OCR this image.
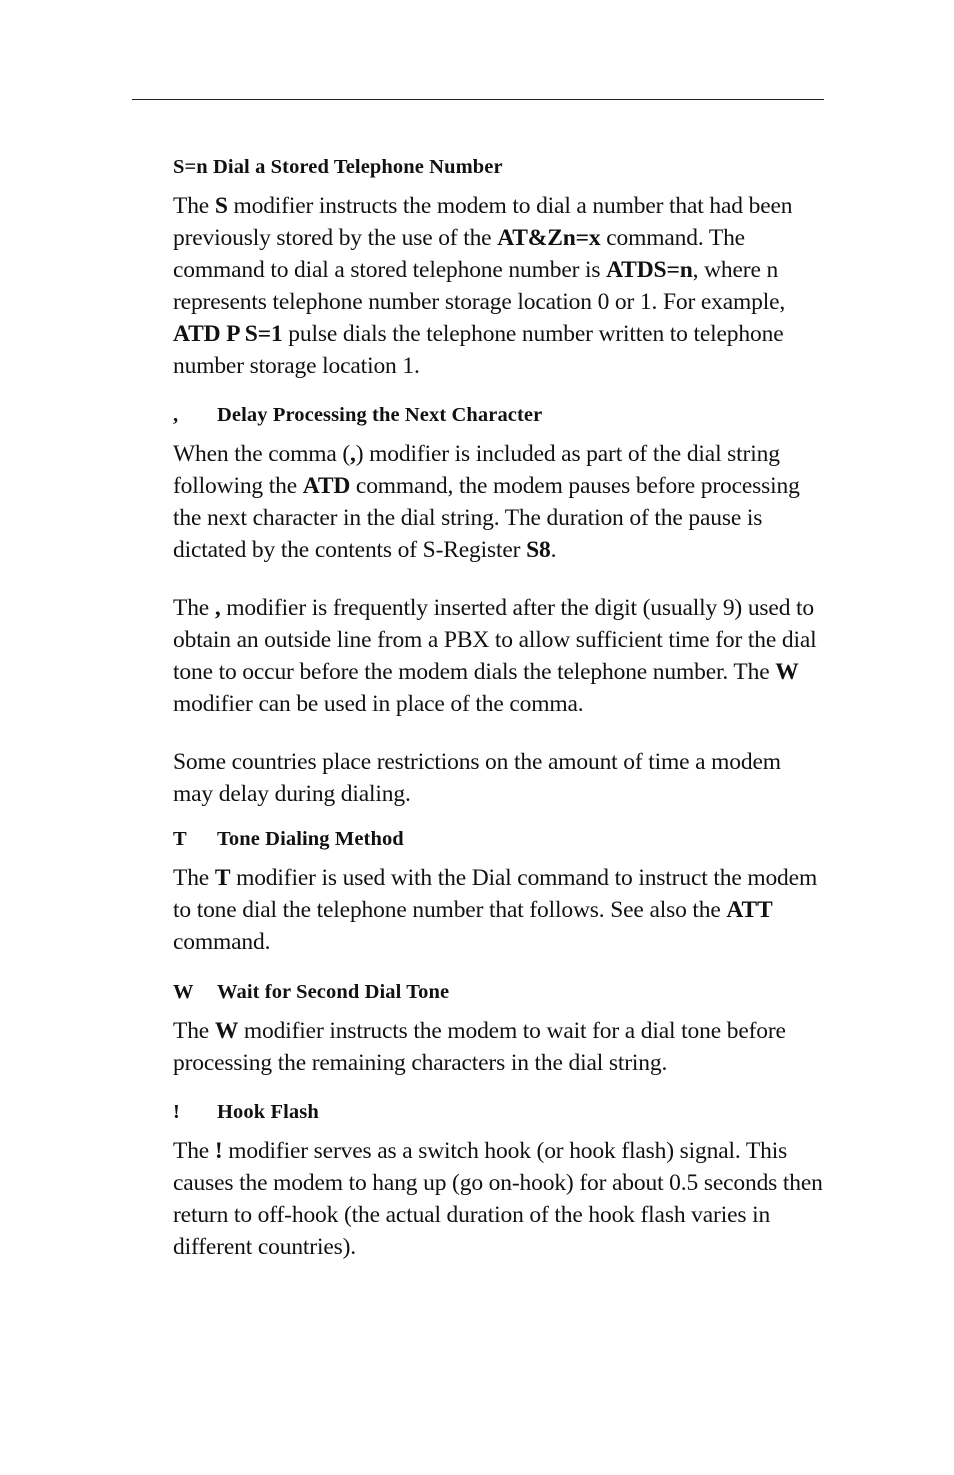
S=n Dial a Stored Telephone Number

The S modifier instructs the modem to dial a number that had been previously stored by the use of the AT&Zn=x command. The command to dial a stored telephone number is ATDS=n, where n represents telephone number storage location 0 or 1. For example, ATD P S=1 pulse dials the telephone number written to telephone number storage location 1.

, Delay Processing the Next Character

When the comma (,) modifier is included as part of the dial string following the ATD command, the modem pauses before processing the next character in the dial string. The duration of the pause is dictated by the contents of S-Register S8.

The , modifier is frequently inserted after the digit (usually 9) used to obtain an outside line from a PBX to allow sufficient time for the dial tone to occur before the modem dials the telephone number. The W modifier can be used in place of the comma.

Some countries place restrictions on the amount of time a modem may delay during dialing.

T Tone Dialing Method

The T modifier is used with the Dial command to instruct the modem to tone dial the telephone number that follows. See also the ATT command.

W Wait for Second Dial Tone

The W modifier instructs the modem to wait for a dial tone before processing the remaining characters in the dial string.

! Hook Flash

The ! modifier serves as a switch hook (or hook flash) signal. This causes the modem to hang up (go on-hook) for about 0.5 seconds then return to off-hook (the actual duration of the hook flash varies in different countries).
